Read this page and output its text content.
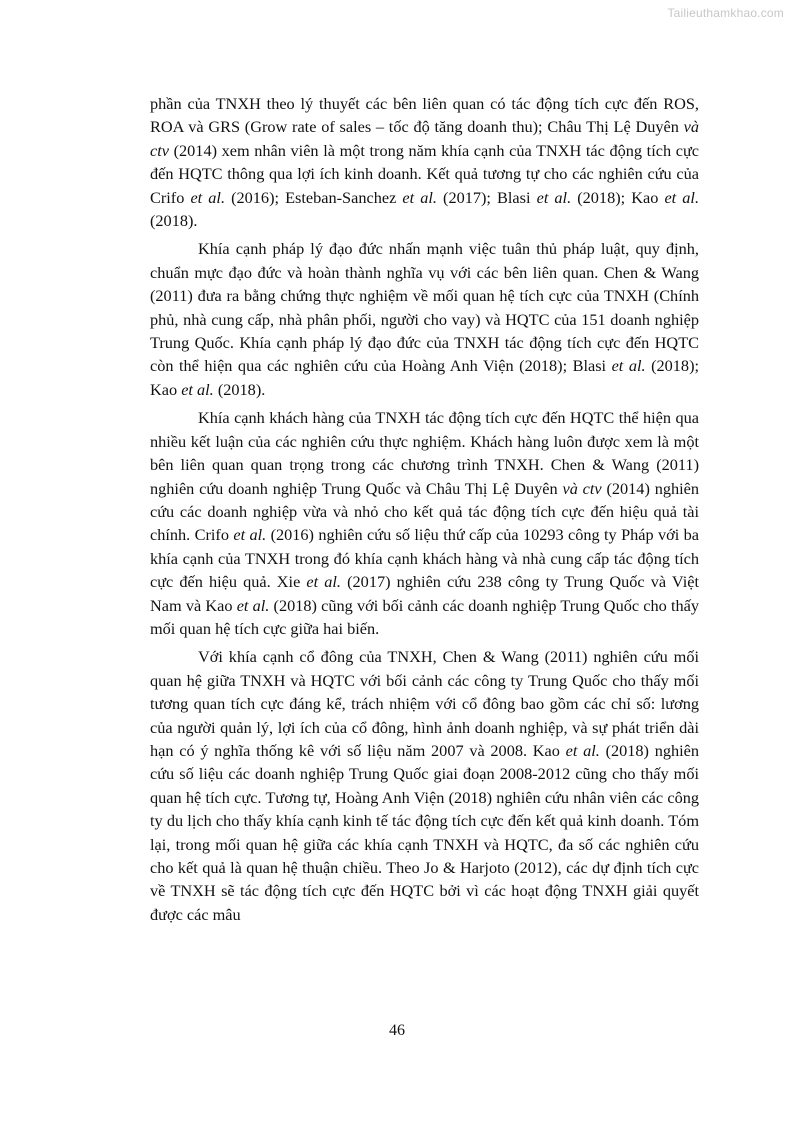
Tailieuthamkhao.com

phần của TNXH theo lý thuyết các bên liên quan có tác động tích cực đến ROS, ROA và GRS (Grow rate of sales – tốc độ tăng doanh thu); Châu Thị Lệ Duyên và ctv (2014) xem nhân viên là một trong năm khía cạnh của TNXH tác động tích cực đến HQTC thông qua lợi ích kinh doanh. Kết quả tương tự cho các nghiên cứu của Crifo et al. (2016); Esteban-Sanchez et al. (2017); Blasi et al. (2018); Kao et al. (2018).

Khía cạnh pháp lý đạo đức nhấn mạnh việc tuân thủ pháp luật, quy định, chuẩn mực đạo đức và hoàn thành nghĩa vụ với các bên liên quan. Chen & Wang (2011) đưa ra bằng chứng thực nghiệm về mối quan hệ tích cực của TNXH (Chính phủ, nhà cung cấp, nhà phân phối, người cho vay) và HQTC của 151 doanh nghiệp Trung Quốc. Khía cạnh pháp lý đạo đức của TNXH tác động tích cực đến HQTC còn thể hiện qua các nghiên cứu của Hoàng Anh Viện (2018); Blasi et al. (2018); Kao et al. (2018).

Khía cạnh khách hàng của TNXH tác động tích cực đến HQTC thể hiện qua nhiều kết luận của các nghiên cứu thực nghiệm. Khách hàng luôn được xem là một bên liên quan quan trọng trong các chương trình TNXH. Chen & Wang (2011) nghiên cứu doanh nghiệp Trung Quốc và Châu Thị Lệ Duyên và ctv (2014) nghiên cứu các doanh nghiệp vừa và nhỏ cho kết quả tác động tích cực đến hiệu quả tài chính. Crifo et al. (2016) nghiên cứu số liệu thứ cấp của 10293 công ty Pháp với ba khía cạnh của TNXH trong đó khía cạnh khách hàng và nhà cung cấp tác động tích cực đến hiệu quả. Xie et al. (2017) nghiên cứu 238 công ty Trung Quốc và Việt Nam và Kao et al. (2018) cũng với bối cảnh các doanh nghiệp Trung Quốc cho thấy mối quan hệ tích cực giữa hai biến.

Với khía cạnh cổ đông của TNXH, Chen & Wang (2011) nghiên cứu mối quan hệ giữa TNXH và HQTC với bối cảnh các công ty Trung Quốc cho thấy mối tương quan tích cực đáng kể, trách nhiệm với cổ đông bao gồm các chỉ số: lương của người quản lý, lợi ích của cổ đông, hình ảnh doanh nghiệp, và sự phát triển dài hạn có ý nghĩa thống kê với số liệu năm 2007 và 2008. Kao et al. (2018) nghiên cứu số liệu các doanh nghiệp Trung Quốc giai đoạn 2008-2012 cũng cho thấy mối quan hệ tích cực. Tương tự, Hoàng Anh Viện (2018) nghiên cứu nhân viên các công ty du lịch cho thấy khía cạnh kinh tế tác động tích cực đến kết quả kinh doanh. Tóm lại, trong mối quan hệ giữa các khía cạnh TNXH và HQTC, đa số các nghiên cứu cho kết quả là quan hệ thuận chiều. Theo Jo & Harjoto (2012), các dự định tích cực về TNXH sẽ tác động tích cực đến HQTC bởi vì các hoạt động TNXH giải quyết được các mâu

46
